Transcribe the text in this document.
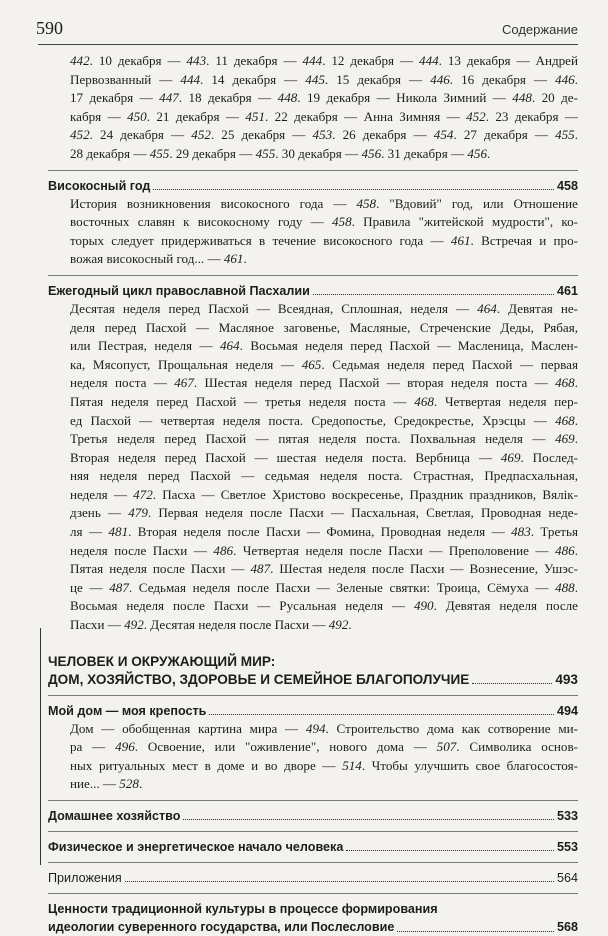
590	Содержание
442. 10 декабря — 443. 11 декабря — 444. 12 декабря — 444. 13 декабря — Андрей
Первозванный — 444. 14 декабря — 445. 15 декабря — 446. 16 декабря — 446.
17 декабря — 447. 18 декабря — 448. 19 декабря — Никола Зимний — 448. 20 де-
кабря — 450. 21 декабря — 451. 22 декабря — Анна Зимняя — 452. 23 декабря —
452. 24 декабря — 452. 25 декабря — 453. 26 декабря — 454. 27 декабря — 455.
28 декабря — 455. 29 декабря — 455. 30 декабря — 456. 31 декабря — 456.
Високосный год	458
История возникновения високосного года — 458. "Вдовий" год, или Отношение
восточных славян к високосному году — 458. Правила "житейской мудрости", ко-
торых следует придерживаться в течение високосного года — 461. Встречая и про-
вожая високосный год... — 461.
Ежегодный цикл православной Пасхалии	461
Десятая неделя перед Пасхой — Всеядная, Сплошная, неделя — 464. Девятая не-
деля перед Пасхой — Масляное заговенье, Масляные, Стреченские Деды, Рябая,
или Пестрая, неделя — 464. Восьмая неделя перед Пасхой — Масленица, Маслен-
ка, Мясопуст, Прощальная неделя — 465. Седьмая неделя перед Пасхой — первая
неделя поста — 467. Шестая неделя перед Пасхой — вторая неделя поста — 468.
Пятая неделя перед Пасхой — третья неделя поста — 468. Четвертая неделя пер-
ед Пасхой — четвертая неделя поста. Средопостье, Средокрестье, Хрэсцы — 468.
Третья неделя перед Пасхой — пятая неделя поста. Похвальная неделя — 469.
Вторая неделя перед Пасхой — шестая неделя поста. Вербница — 469. Послед-
няя неделя перед Пасхой — седьмая неделя поста. Страстная, Предпасхальная,
неделя — 472. Пасха — Светлое Христово воскресенье, Праздник праздников, Вялік-
дзень — 479. Первая неделя после Пасхи — Пасхальная, Светлая, Проводная неде-
ля — 481. Вторая неделя после Пасхи — Фомина, Проводная неделя — 483. Третья
неделя после Пасхи — 486. Четвертая неделя после Пасхи — Преполовение — 486.
Пятая неделя после Пасхи — 487. Шестая неделя после Пасхи — Вознесение, Ушэс-
це — 487. Седьмая неделя после Пасхи — Зеленые святки: Троица, Сёмуха — 488.
Восьмая неделя после Пасхи — Русальная неделя — 490. Девятая неделя после
Пасхи — 492. Десятая неделя после Пасхи — 492.
ЧЕЛОВЕК И ОКРУЖАЮЩИЙ МИР:
ДОМ, ХОЗЯЙСТВО, ЗДОРОВЬЕ И СЕМЕЙНОЕ БЛАГОПОЛУЧИЕ	493
Мой дом — моя крепость	494
Дом — обобщенная картина мира — 494. Строительство дома как сотворение ми-
ра — 496. Освоение, или "оживление", нового дома — 507. Символика основ-
ных ритуальных мест в доме и во дворе — 514. Чтобы улучшить свое благосостоя-
ние... — 528.
Домашнее хозяйство	533
Физическое и энергетическое начало человека	553
Приложения	564
Ценности традиционной культуры в процессе формирования
идеологии суверенного государства, или Послесловие	568
